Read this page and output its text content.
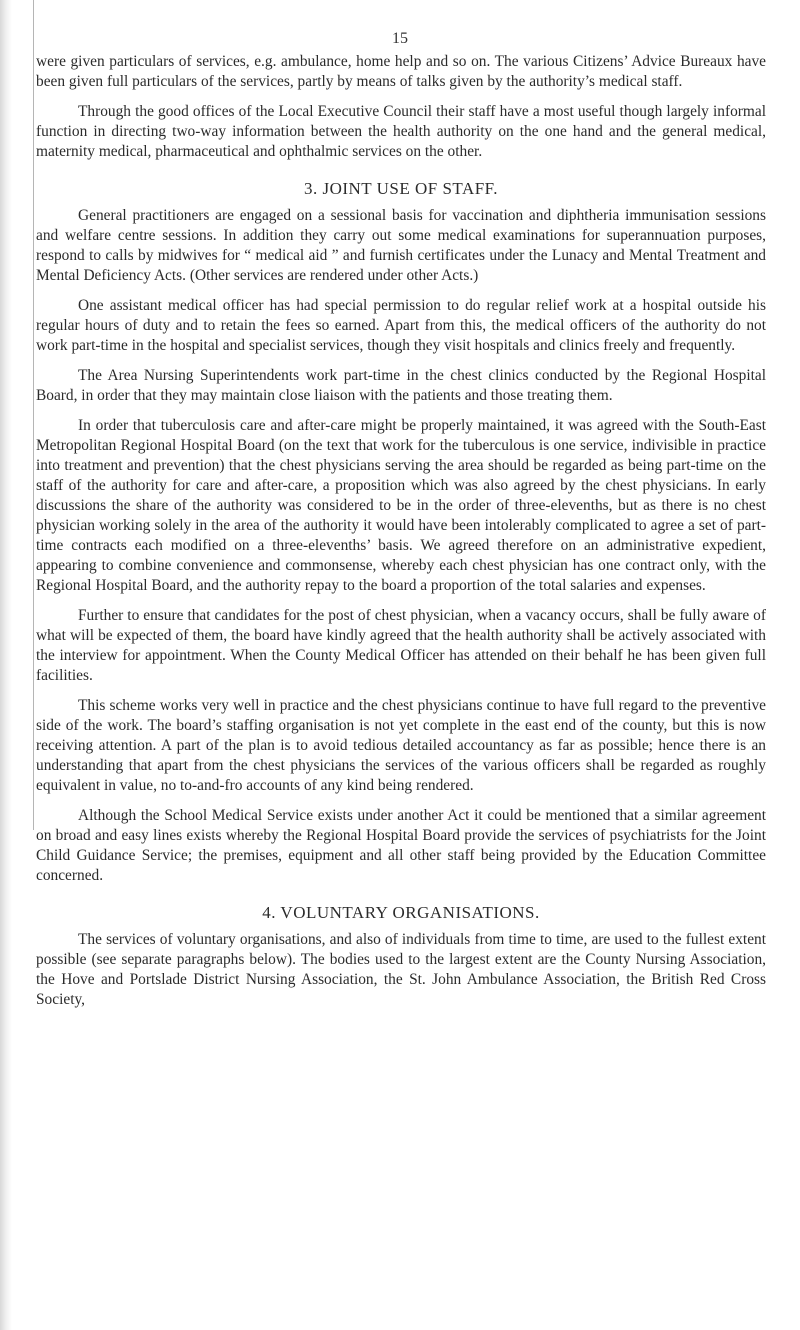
15

were given particulars of services, e.g. ambulance, home help and so on. The various Citizens’ Advice Bureaux have been given full particulars of the services, partly by means of talks given by the authority’s medical staff.

Through the good offices of the Local Executive Council their staff have a most useful though largely informal function in directing two-way information between the health authority on the one hand and the general medical, maternity medical, pharmaceutical and ophthalmic services on the other.

3. JOINT USE OF STAFF.

General practitioners are engaged on a sessional basis for vaccination and diphtheria immunisation sessions and welfare centre sessions. In addition they carry out some medical examinations for superannuation purposes, respond to calls by midwives for “ medical aid ” and furnish certificates under the Lunacy and Mental Treatment and Mental Deficiency Acts. (Other services are rendered under other Acts.)

One assistant medical officer has had special permission to do regular relief work at a hospital outside his regular hours of duty and to retain the fees so earned. Apart from this, the medical officers of the authority do not work part-time in the hospital and specialist services, though they visit hospitals and clinics freely and frequently.

The Area Nursing Superintendents work part-time in the chest clinics conducted by the Regional Hospital Board, in order that they may maintain close liaison with the patients and those treating them.

In order that tuberculosis care and after-care might be properly maintained, it was agreed with the South-East Metropolitan Regional Hospital Board (on the text that work for the tuberculous is one service, indivisible in practice into treatment and prevention) that the chest physicians serving the area should be regarded as being part-time on the staff of the authority for care and after-care, a proposition which was also agreed by the chest physicians. In early discussions the share of the authority was considered to be in the order of three-elevenths, but as there is no chest physician working solely in the area of the authority it would have been intolerably complicated to agree a set of part-time contracts each modified on a three-elevenths’ basis. We agreed therefore on an administrative expedient, appearing to combine convenience and commonsense, whereby each chest physician has one contract only, with the Regional Hospital Board, and the authority repay to the board a proportion of the total salaries and expenses.

Further to ensure that candidates for the post of chest physician, when a vacancy occurs, shall be fully aware of what will be expected of them, the board have kindly agreed that the health authority shall be actively associated with the interview for appointment. When the County Medical Officer has attended on their behalf he has been given full facilities.

This scheme works very well in practice and the chest physicians continue to have full regard to the preventive side of the work. The board’s staffing organisation is not yet complete in the east end of the county, but this is now receiving attention. A part of the plan is to avoid tedious detailed accountancy as far as possible; hence there is an understanding that apart from the chest physicians the services of the various officers shall be regarded as roughly equivalent in value, no to-and-fro accounts of any kind being rendered.

Although the School Medical Service exists under another Act it could be mentioned that a similar agreement on broad and easy lines exists whereby the Regional Hospital Board provide the services of psychiatrists for the Joint Child Guidance Service; the premises, equipment and all other staff being provided by the Education Committee concerned.

4. VOLUNTARY ORGANISATIONS.

The services of voluntary organisations, and also of individuals from time to time, are used to the fullest extent possible (see separate paragraphs below). The bodies used to the largest extent are the County Nursing Association, the Hove and Portslade District Nursing Association, the St. John Ambulance Association, the British Red Cross Society,
